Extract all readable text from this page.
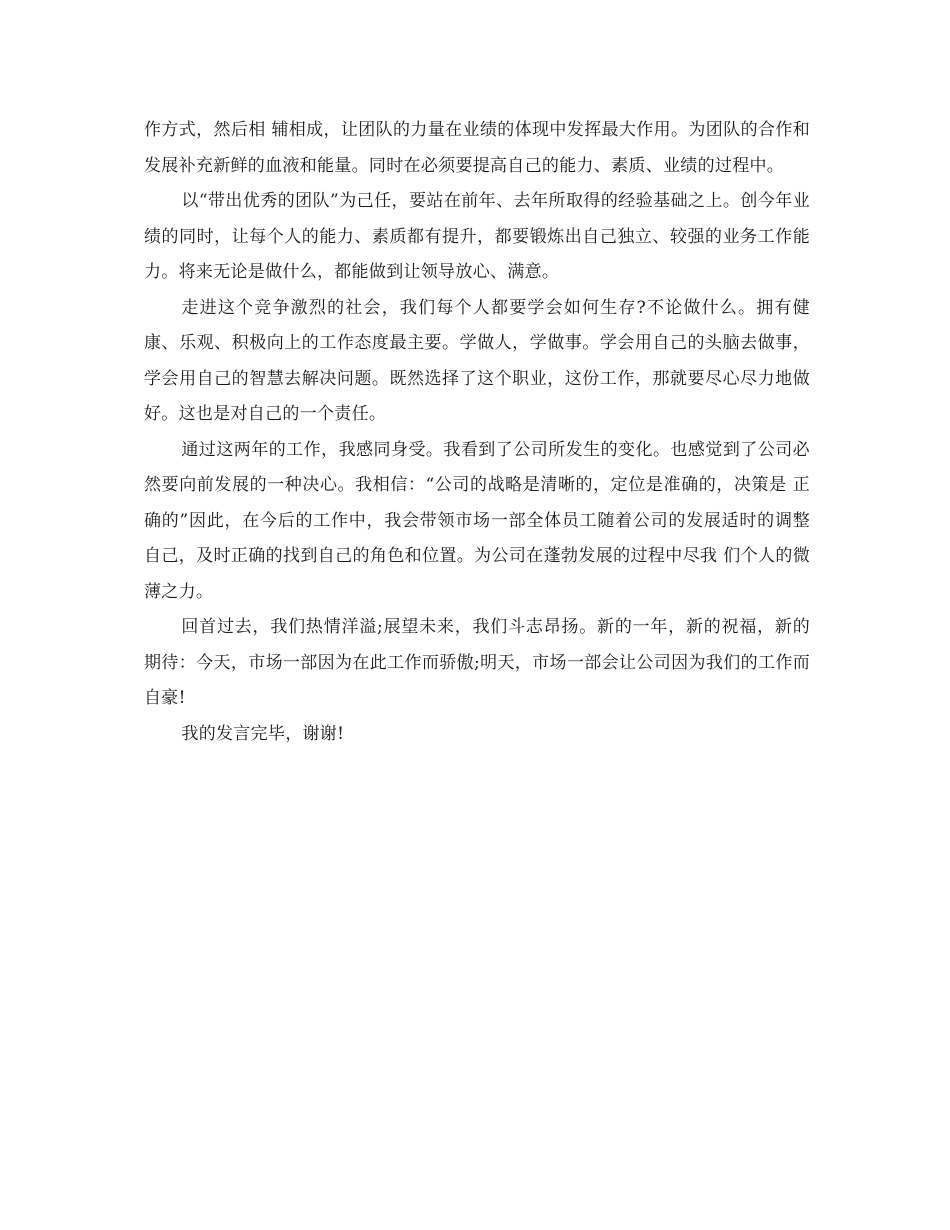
作方式，然后相 辅相成，让团队的力量在业绩的体现中发挥最大作用。为团队的合作和发展补充新鲜的血液和能量。同时在必须要提高自己的能力、素质、业绩的过程中。

以“带出优秀的团队”为己任，要站在前年、去年所取得的经验基础之上。创今年业绩的同时，让每个人的能力、素质都有提升，都要锻炼出自己独立、较强的业务工作能力。将来无论是做什么，都能做到让领导放心、满意。

走进这个竞争激烈的社会，我们每个人都要学会如何生存?不论做什么。拥有健康、乐观、积极向上的工作态度最主要。学做人，学做事。学会用自己的头脑去做事，学会用自己的智慧去解决问题。既然选择了这个职业，这份工作，那就要尽心尽力地做好。这也是对自己的一个责任。

通过这两年的工作，我感同身受。我看到了公司所发生的变化。也感觉到了公司必然要向前发展的一种决心。我相信：“公司的战略是清晰的，定位是准确的，决策是 正确的”因此，在今后的工作中，我会带领市场一部全体员工随着公司的发展适时的调整自己，及时正确的找到自己的角色和位置。为公司在蓬勃发展的过程中尽我 们个人的微薄之力。

回首过去，我们热情洋溢;展望未来，我们斗志昂扬。新的一年，新的祝福，新的期待：今天，市场一部因为在此工作而骄傲;明天，市场一部会让公司因为我们的工作而自豪!

我的发言完毕，谢谢!
